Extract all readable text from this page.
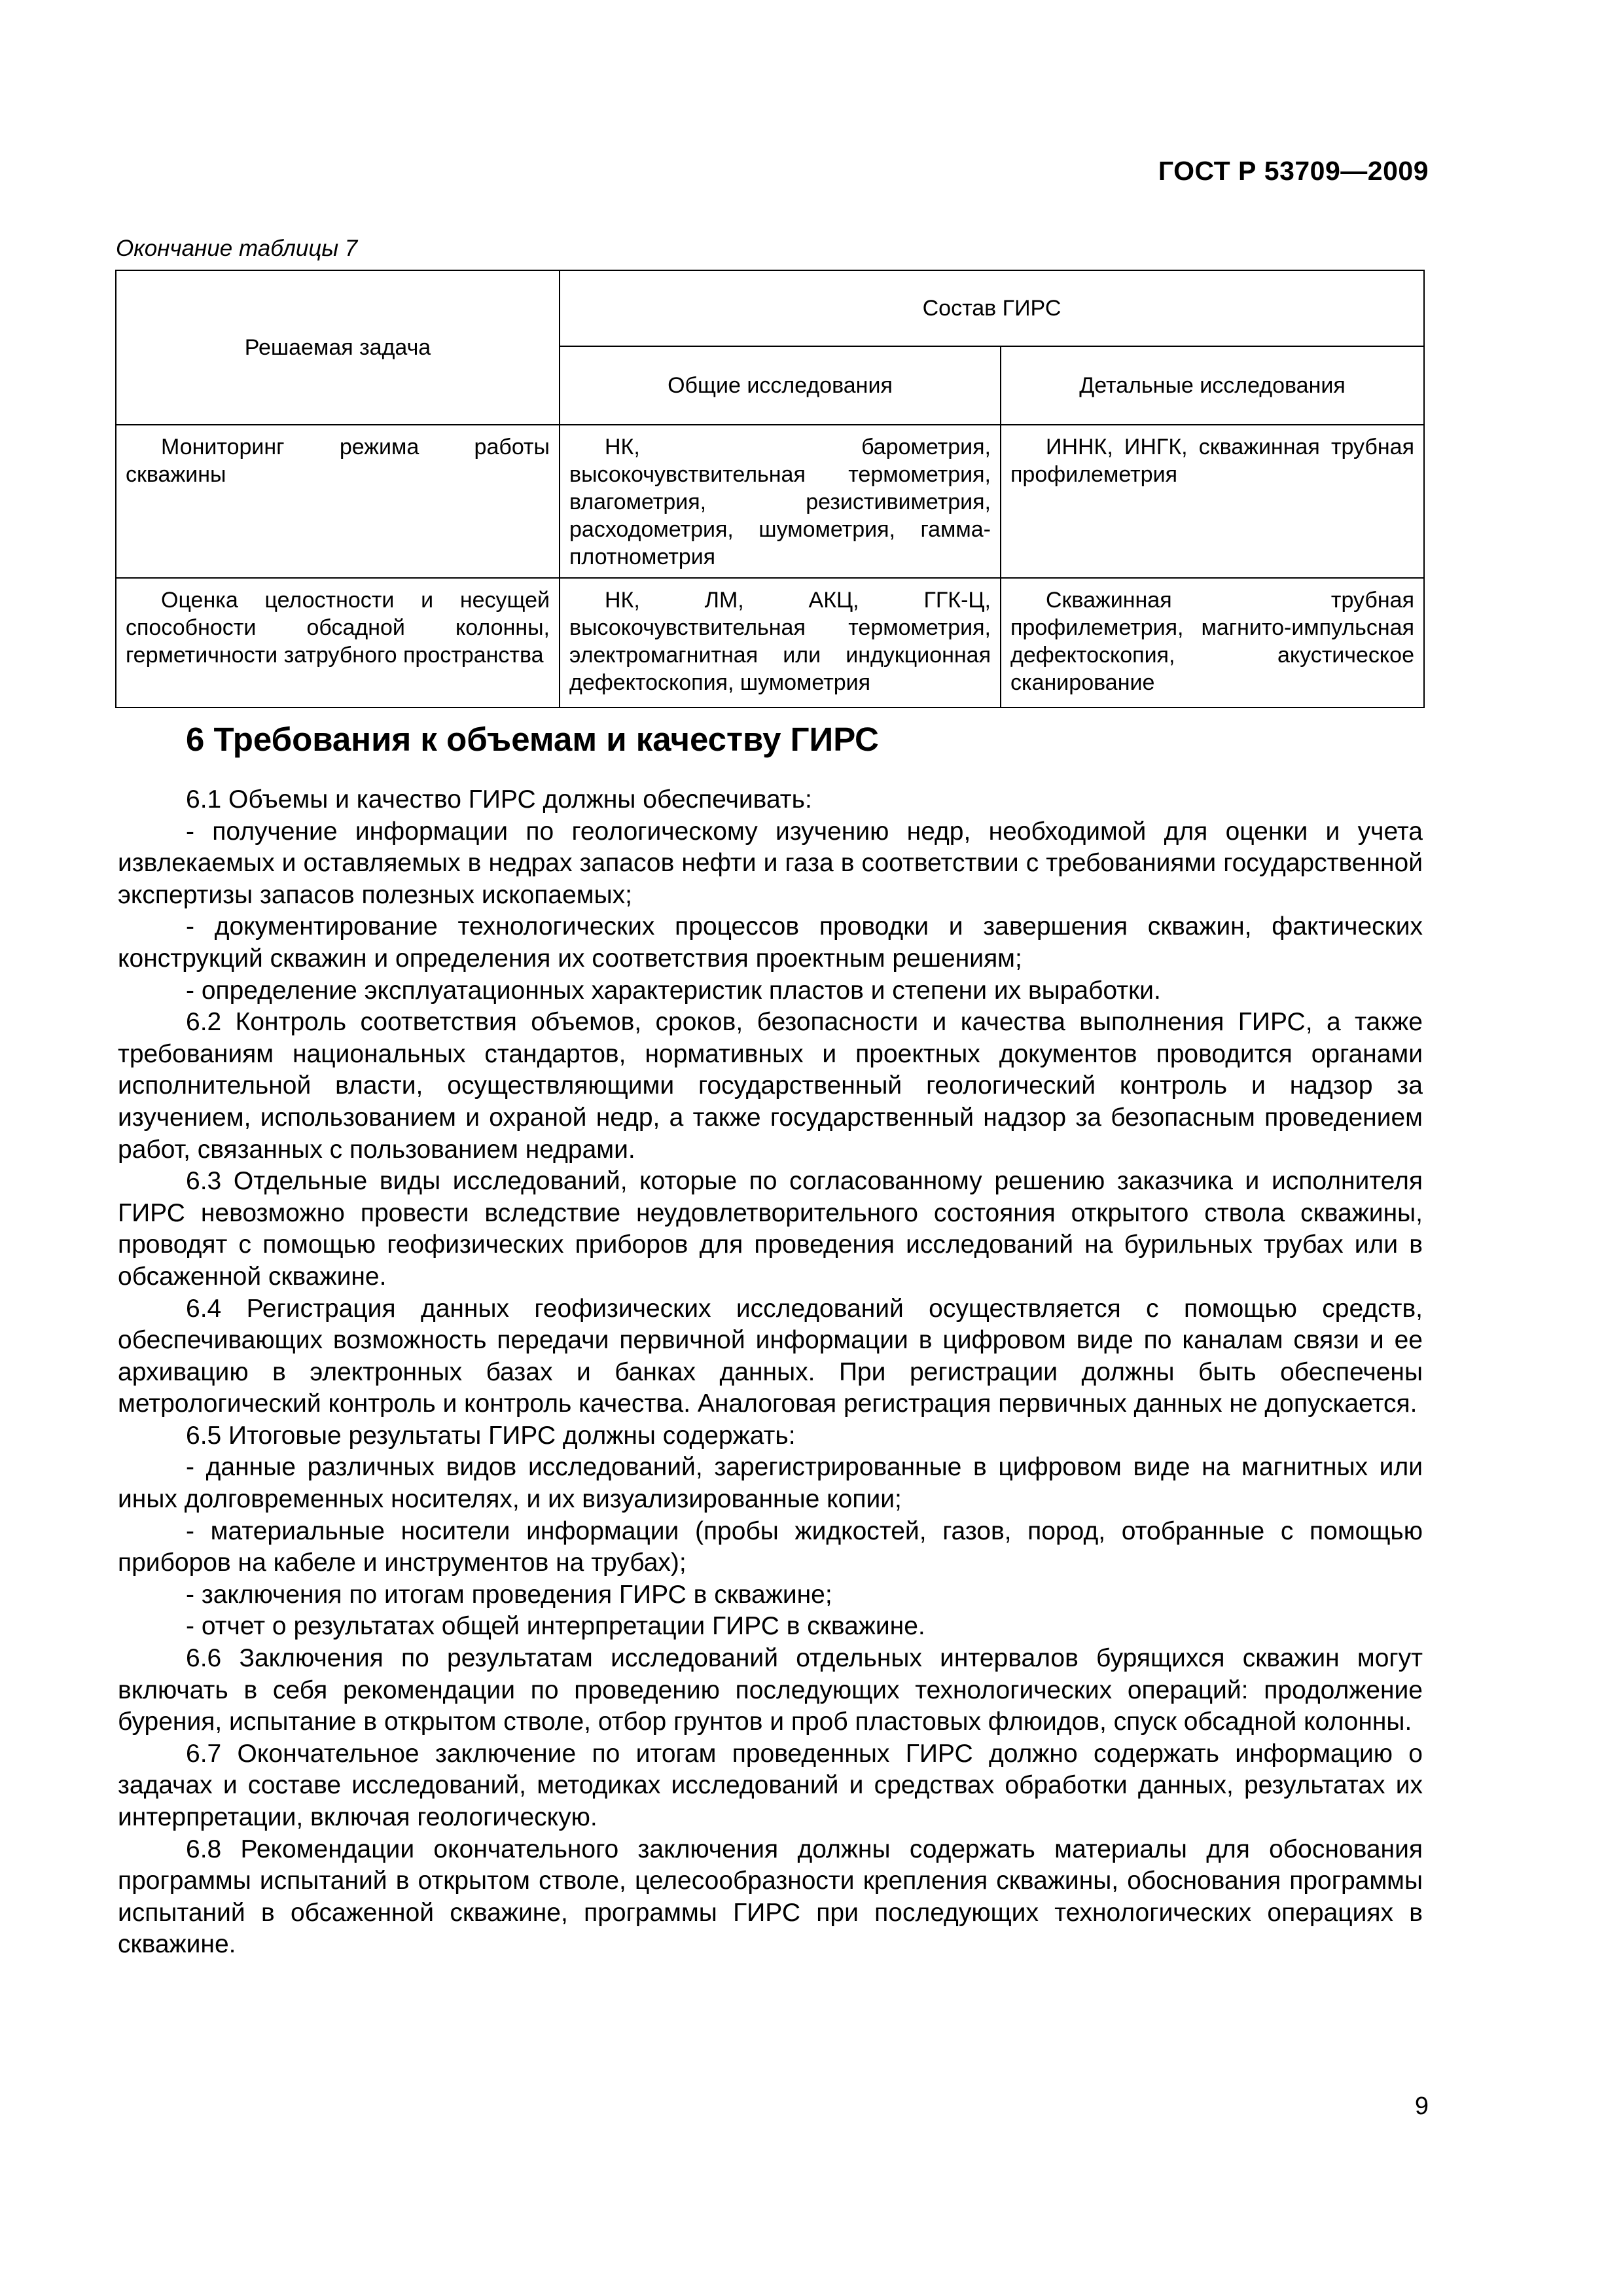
ГОСТ Р 53709—2009
Окончание таблицы 7
Решаемая задача	Состав ГИРС	
	Общие исследования	Детальные исследования

Мониторинг режима работы скважины	НК, барометрия, высокочувствительная термометрия, влагометрия, резистивиметрия, расходометрия, шумометрия, гамма-плотнометрия	ИННК, ИНГК, скважинная трубная профилеметрия

Оценка целостности и несущей способности обсадной колонны, герметичности затрубного пространства	НК, ЛМ, АКЦ, ГГК-Ц, высокочувствительная термометрия, электромагнитная или индукционная дефектоскопия, шумометрия	Скважинная трубная профилеметрия, магнито-импульсная дефектоскопия, акустическое сканирование
6 Требования к объемам и качеству ГИРС

6.1 Объемы и качество ГИРС должны обеспечивать:

- получение информации по геологическому изучению недр, необходимой для оценки и учета извлекаемых и оставляемых в недрах запасов нефти и газа в соответствии с требованиями государственной экспертизы запасов полезных ископаемых;

- документирование технологических процессов проводки и завершения скважин, фактических конструкций скважин и определения их соответствия проектным решениям;

- определение эксплуатационных характеристик пластов и степени их выработки.

6.2 Контроль соответствия объемов, сроков, безопасности и качества выполнения ГИРС, а также требованиям национальных стандартов, нормативных и проектных документов проводится органами исполнительной власти, осуществляющими государственный геологический контроль и надзор за изучением, использованием и охраной недр, а также государственный надзор за безопасным проведением работ, связанных с пользованием недрами.

6.3 Отдельные виды исследований, которые по согласованному решению заказчика и исполнителя ГИРС невозможно провести вследствие неудовлетворительного состояния открытого ствола скважины, проводят с помощью геофизических приборов для проведения исследований на бурильных трубах или в обсаженной скважине.

6.4 Регистрация данных геофизических исследований осуществляется с помощью средств, обеспечивающих возможность передачи первичной информации в цифровом виде по каналам связи и ее архивацию в электронных базах и банках данных. При регистрации должны быть обеспечены метрологический контроль и контроль качества. Аналоговая регистрация первичных данных не допускается.

6.5 Итоговые результаты ГИРС должны содержать:

- данные различных видов исследований, зарегистрированные в цифровом виде на магнитных или иных долговременных носителях, и их визуализированные копии;

- материальные носители информации (пробы жидкостей, газов, пород, отобранные с помощью приборов на кабеле и инструментов на трубах);

- заключения по итогам проведения ГИРС в скважине;

- отчет о результатах общей интерпретации ГИРС в скважине.

6.6 Заключения по результатам исследований отдельных интервалов бурящихся скважин могут включать в себя рекомендации по проведению последующих технологических операций: продолжение бурения, испытание в открытом стволе, отбор грунтов и проб пластовых флюидов, спуск обсадной колонны.

6.7 Окончательное заключение по итогам проведенных ГИРС должно содержать информацию о задачах и составе исследований, методиках исследований и средствах обработки данных, результатах их интерпретации, включая геологическую.

6.8 Рекомендации окончательного заключения должны содержать материалы для обоснования программы испытаний в открытом стволе, целесообразности крепления скважины, обоснования программы испытаний в обсаженной скважине, программы ГИРС при последующих технологических операциях в скважине.

9
